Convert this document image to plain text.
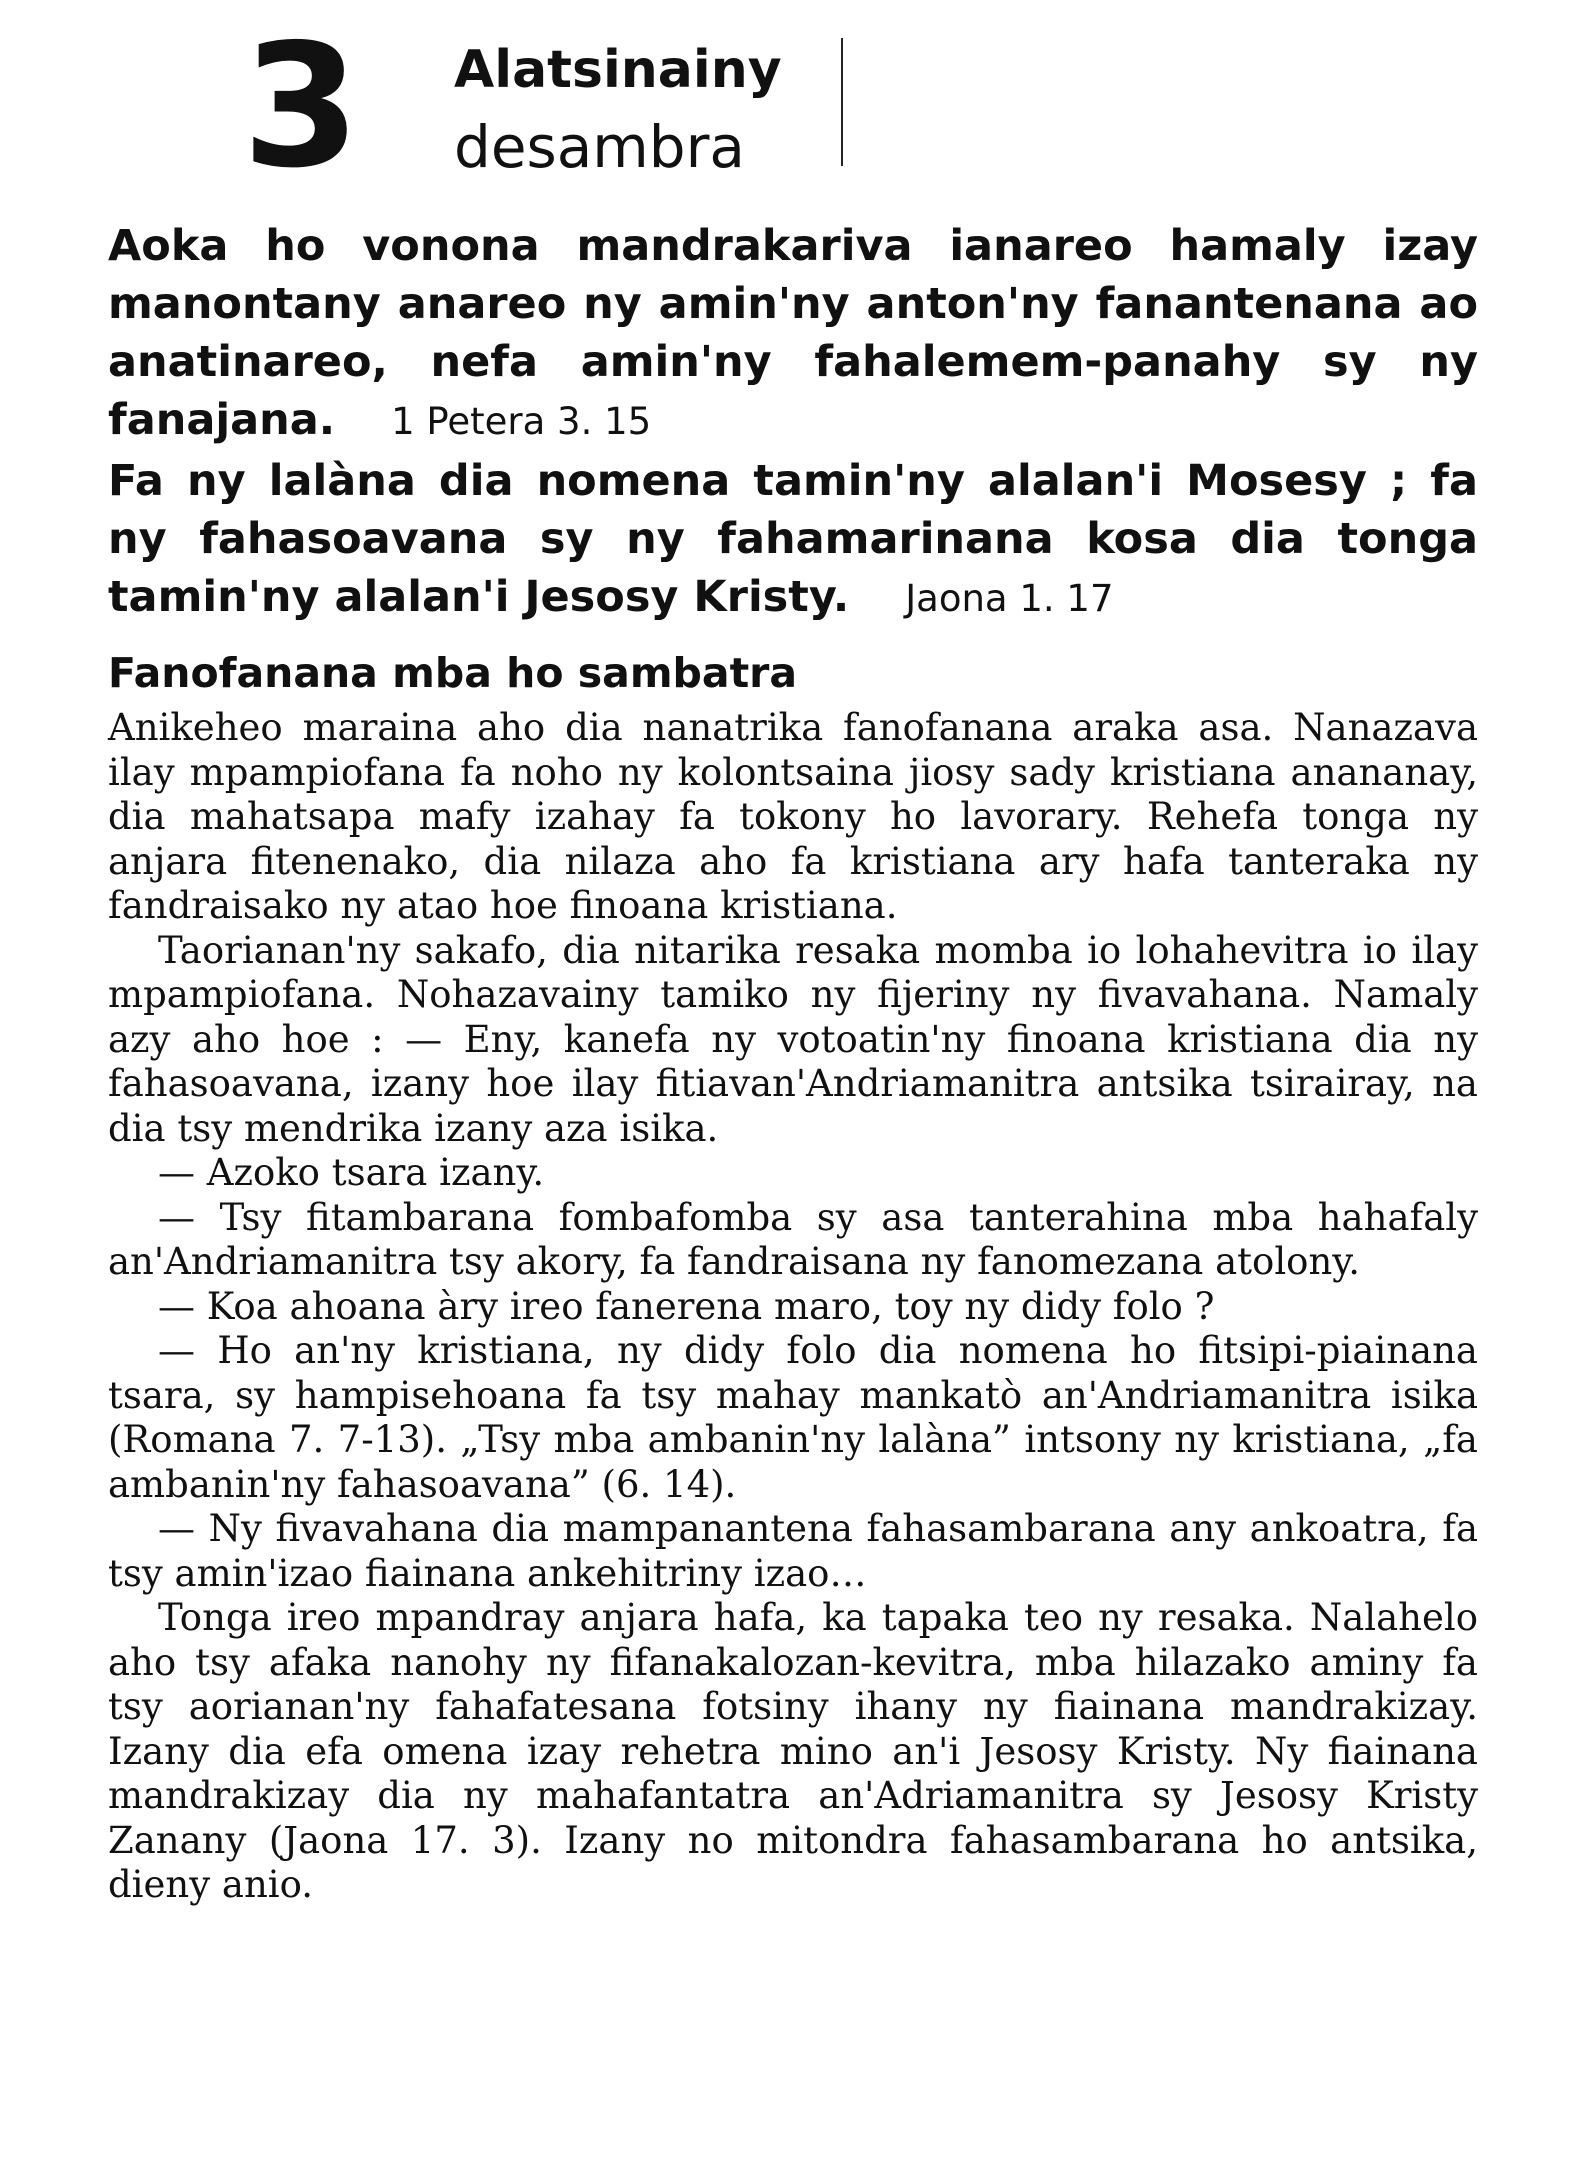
3 Alatsinainy
desambra
Aoka ho vonona mandrakariva ianareo hamaly izay manontany anareo ny amin'ny anton'ny fanantenana ao anatinareo, nefa amin'ny fahalemem-panahy sy ny fanajana. 1 Petera 3. 15
Fa ny lalàna dia nomena tamin'ny alalan'i Mosesy ; fa ny fahasoavana sy ny fahamarinana kosa dia tonga tamin'ny alalan'i Jesosy Kristy. Jaona 1. 17
Fanofanana mba ho sambatra

Anikeheo maraina aho dia nanatrika fanofanana araka asa. Nanazava ilay mpampiofana fa noho ny kolontsaina jiosy sady kristiana anananay, dia mahatsapa mafy izahay fa tokony ho lavorary. Rehefa tonga ny anjara fitenenako, dia nilaza aho fa kristiana ary hafa tanteraka ny fandraisako ny atao hoe finoana kristiana.

Taorianan'ny sakafo, dia nitarika resaka momba io lohahevitra io ilay mpampiofana. Nohazavainy tamiko ny fijeriny ny fivavahana. Namaly azy aho hoe : — Eny, kanefa ny votoatin'ny finoana kristiana dia ny fahasoavana, izany hoe ilay fitiavan'Andriamanitra antsika tsirairay, na dia tsy mendrika izany aza isika.

— Azoko tsara izany.

— Tsy fitambarana fombafomba sy asa tanterahina mba hahafaly an'Andriamanitra tsy akory, fa fandraisana ny fanomezana atolony.

— Koa ahoana àry ireo fanerena maro, toy ny didy folo ?

— Ho an'ny kristiana, ny didy folo dia nomena ho fitsipi-piainana tsara, sy hampisehoana fa tsy mahay mankatò an'Andriamanitra isika (Romana 7. 7-13). „Tsy mba ambanin'ny lalàna” intsony ny kristiana, „fa ambanin'ny fahasoavana” (6. 14).

— Ny fivavahana dia mampanantena fahasambarana any ankoatra, fa tsy amin'izao fiainana ankehitriny izao…

Tonga ireo mpandray anjara hafa, ka tapaka teo ny resaka. Nalahelo aho tsy afaka nanohy ny fifanakalozan-kevitra, mba hilazako aminy fa tsy aorianan'ny fahafatesana fotsiny ihany ny fiainana mandrakizay. Izany dia efa omena izay rehetra mino an'i Jesosy Kristy. Ny fiainana mandrakizay dia ny mahafantatra an'Adriamanitra sy Jesosy Kristy Zanany (Jaona 17. 3). Izany no mitondra fahasambarana ho antsika, dieny anio.
